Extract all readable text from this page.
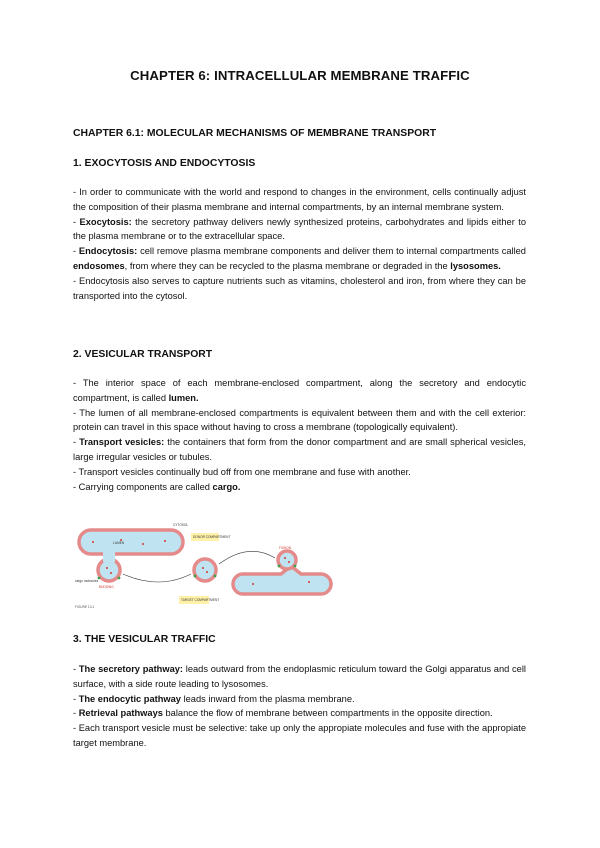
CHAPTER 6: INTRACELLULAR MEMBRANE TRAFFIC

CHAPTER 6.1: MOLECULAR MECHANISMS OF MEMBRANE TRANSPORT

1. EXOCYTOSIS AND ENDOCYTOSIS

- In order to communicate with the world and respond to changes in the environment, cells continually adjust the composition of their plasma membrane and internal compartments, by an internal membrane system.
- Exocytosis: the secretory pathway delivers newly synthesized proteins, carbohydrates and lipids either to the plasma membrane or to the extracellular space.
- Endocytosis: cell remove plasma membrane components and deliver them to internal compartments called endosomes, from where they can be recycled to the plasma membrane or degraded in the lysosomes.
- Endocytosis also serves to capture nutrients such as vitamins, cholesterol and iron, from where they can be transported into the cytosol.

2. VESICULAR TRANSPORT

- The interior space of each membrane-enclosed compartment, along the secretory and endocytic compartment, is called lumen.
- The lumen of all membrane-enclosed compartments is equivalent between them and with the cell exterior: protein can travel in this space without having to cross a membrane (topologically equivalent).
- Transport vesicles: the containers that form from the donor compartment and are small spherical vesicles, large irregular vesicles or tubules.
- Transport vesicles continually bud off from one membrane and fuse with another.
- Carrying components are called cargo.
CYTOSOL
LUMEN
DONOR COMPARTMENT
FUSION
cargo molecules
BUDDING
TARGET COMPARTMENT
FIGURE 13-1

3. THE VESICULAR TRAFFIC

- The secretory pathway: leads outward from the endoplasmic reticulum toward the Golgi apparatus and cell surface, with a side route leading to lysosomes.
- The endocytic pathway leads inward from the plasma membrane.
- Retrieval pathways balance the flow of membrane between compartments in the opposite direction.
- Each transport vesicle must be selective: take up only the appropiate molecules and fuse with the appropiate target membrane.
